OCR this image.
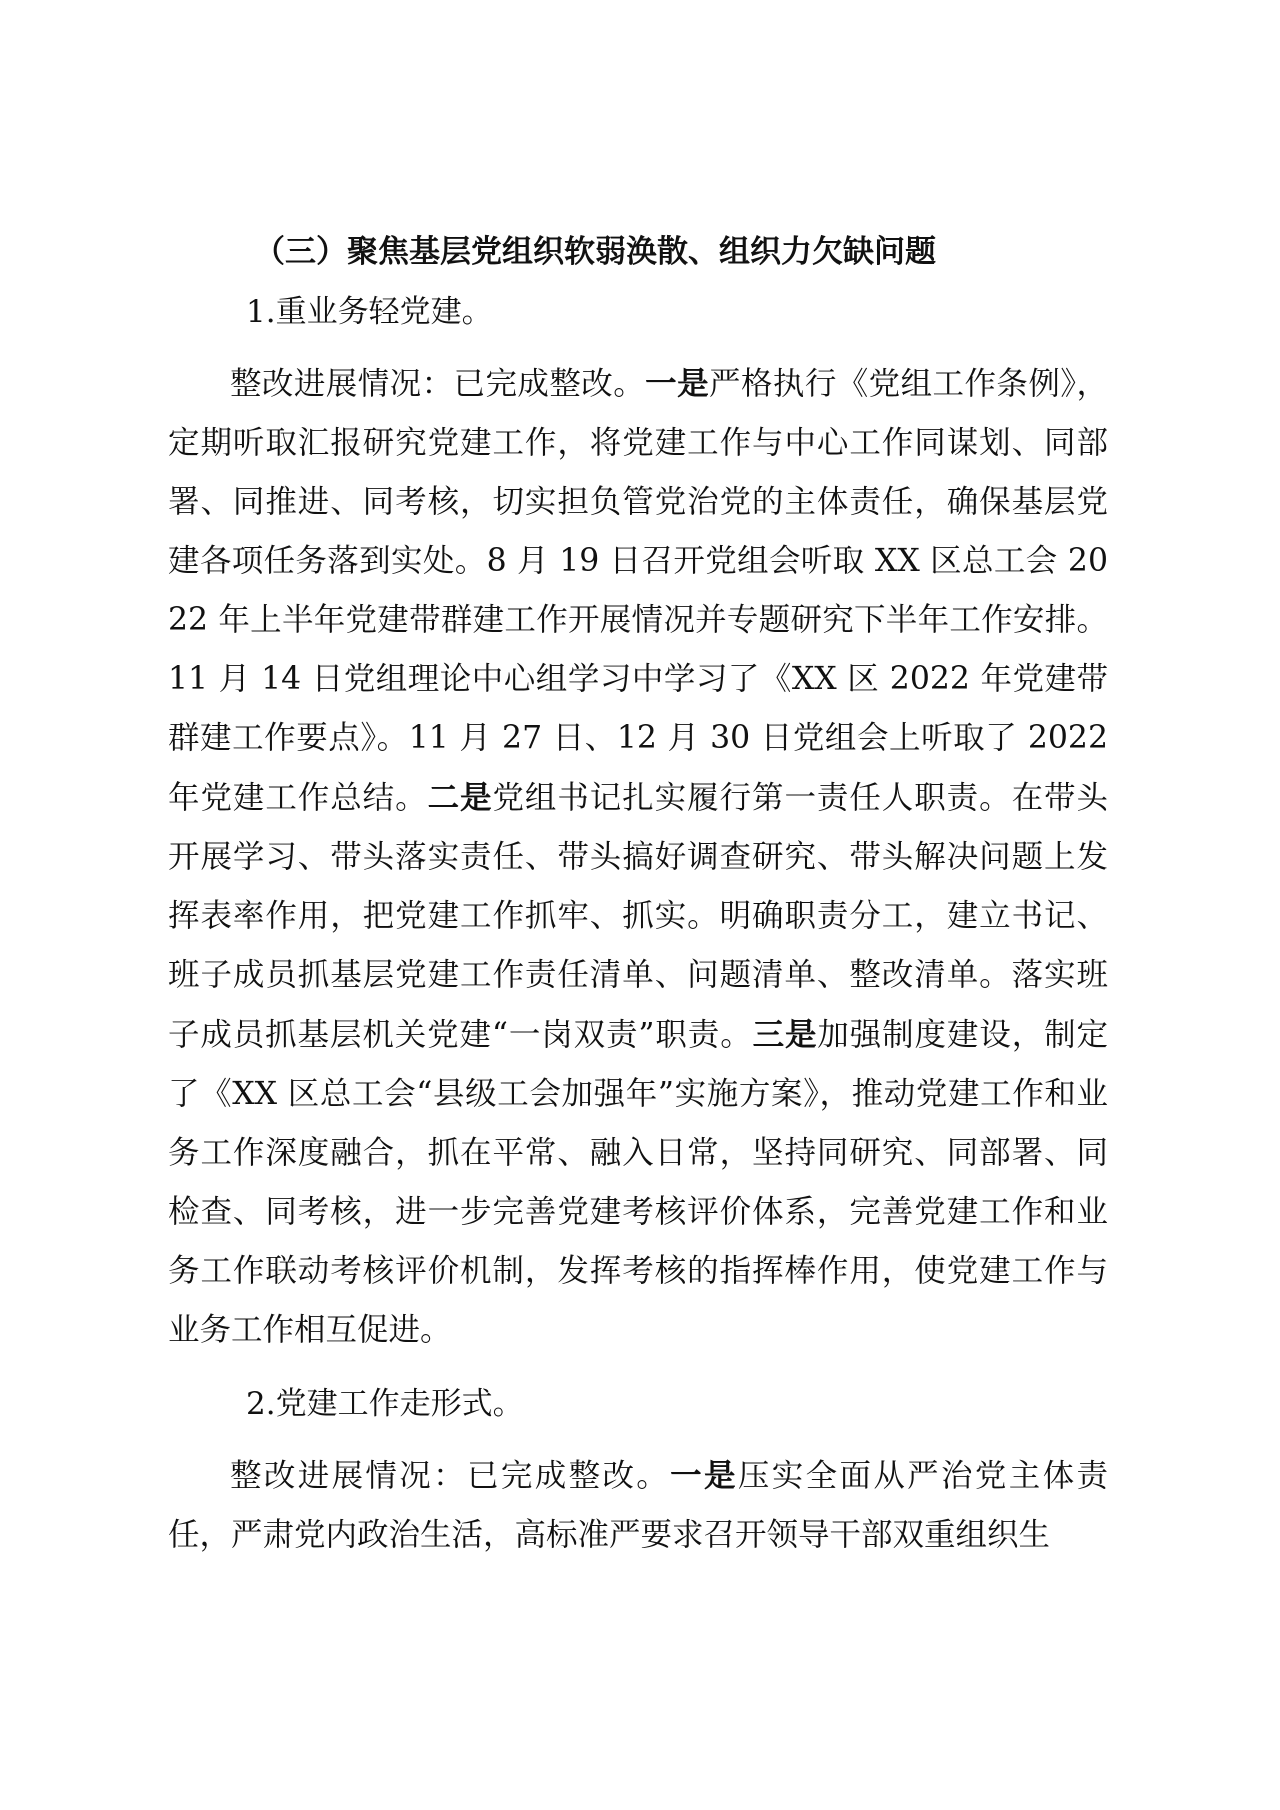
（三）聚焦基层党组织软弱涣散、组织力欠缺问题

1.重业务轻党建。

整改进展情况：已完成整改。一是严格执行《党组工作条例》，定期听取汇报研究党建工作，将党建工作与中心工作同谋划、同部署、同推进、同考核，切实担负管党治党的主体责任，确保基层党建各项任务落到实处。8 月 19 日召开党组会听取 XX 区总工会 2022 年上半年党建带群建工作开展情况并专题研究下半年工作安排。11 月 14 日党组理论中心组学习中学习了《XX 区 2022 年党建带群建工作要点》。11 月 27 日、12 月 30 日党组会上听取了 2022 年党建工作总结。二是党组书记扎实履行第一责任人职责。在带头开展学习、带头落实责任、带头搞好调查研究、带头解决问题上发挥表率作用，把党建工作抓牢、抓实。明确职责分工，建立书记、班子成员抓基层党建工作责任清单、问题清单、整改清单。落实班子成员抓基层机关党建“一岗双责”职责。三是加强制度建设，制定了《XX 区总工会“县级工会加强年”实施方案》，推动党建工作和业务工作深度融合，抓在平常、融入日常，坚持同研究、同部署、同检查、同考核，进一步完善党建考核评价体系，完善党建工作和业务工作联动考核评价机制，发挥考核的指挥棒作用，使党建工作与业务工作相互促进。

2.党建工作走形式。

整改进展情况：已完成整改。一是压实全面从严治党主体责任，严肃党内政治生活，高标准严要求召开领导干部双重组织生
